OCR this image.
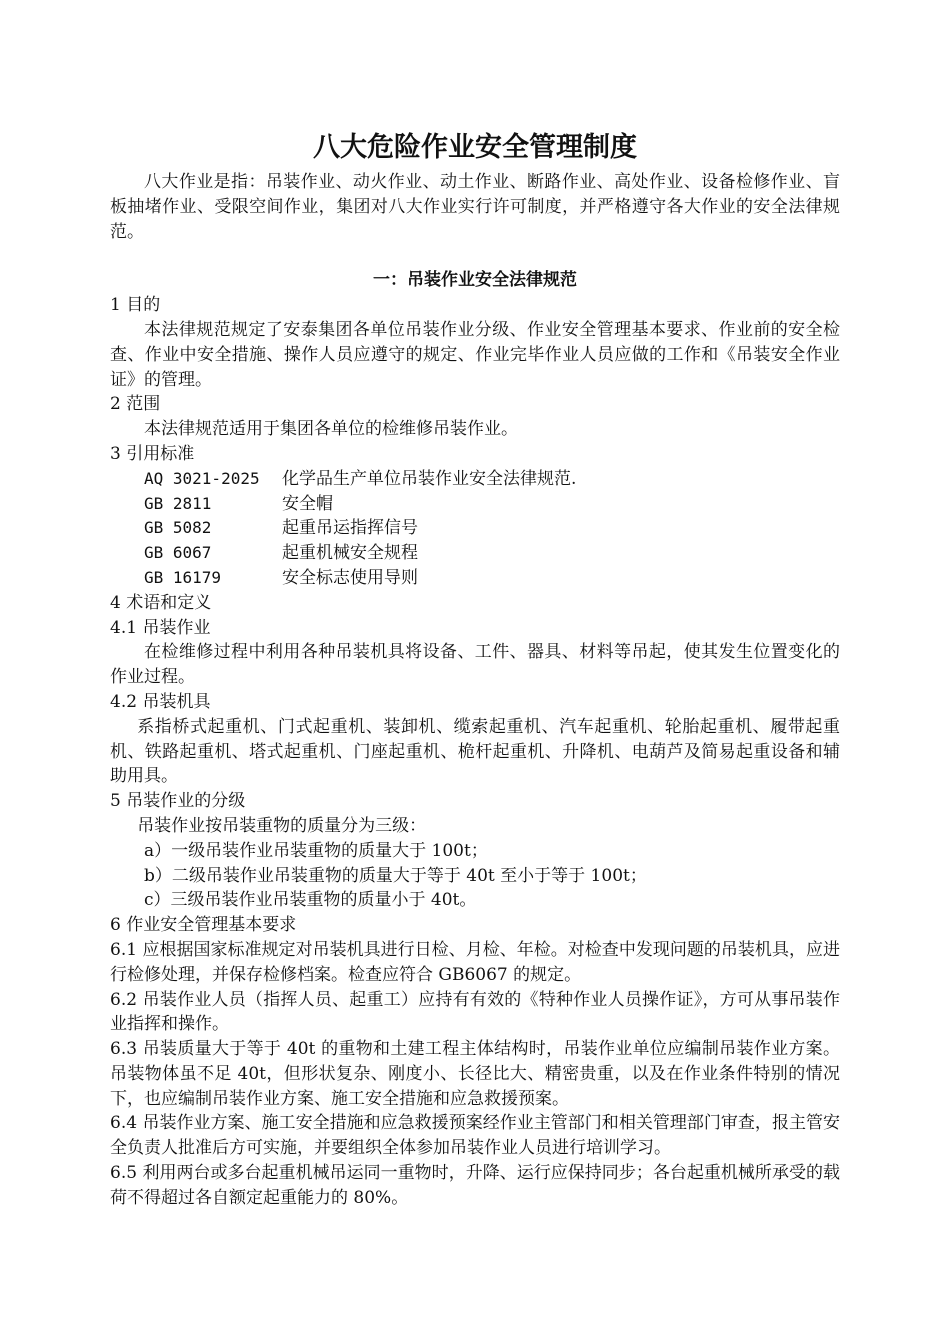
八大危险作业安全管理制度

八大作业是指：吊装作业、动火作业、动土作业、断路作业、高处作业、设备检修作业、盲板抽堵作业、受限空间作业，集团对八大作业实行许可制度，并严格遵守各大作业的安全法律规范。

一：吊装作业安全法律规范
1 目的

本法律规范规定了安泰集团各单位吊装作业分级、作业安全管理基本要求、作业前的安全检查、作业中安全措施、操作人员应遵守的规定、作业完毕作业人员应做的工作和《吊装安全作业证》的管理。

2 范围

本法律规范适用于集团各单位的检维修吊装作业。

3 引用标准
AQ 3021-2025	化学品生产单位吊装作业安全法律规范.
GB 2811	安全帽
GB 5082	起重吊运指挥信号
GB 6067	起重机械安全规程
GB 16179	安全标志使用导则
4 术语和定义
4.1 吊装作业

在检维修过程中利用各种吊装机具将设备、工件、器具、材料等吊起，使其发生位置变化的作业过程。

4.2 吊装机具

系指桥式起重机、门式起重机、装卸机、缆索起重机、汽车起重机、轮胎起重机、履带起重机、铁路起重机、塔式起重机、门座起重机、桅杆起重机、升降机、电葫芦及简易起重设备和辅助用具。

5 吊装作业的分级

吊装作业按吊装重物的质量分为三级：

a）一级吊装作业吊装重物的质量大于 100t；
b）二级吊装作业吊装重物的质量大于等于 40t 至小于等于 100t；
c）三级吊装作业吊装重物的质量小于 40t。
6 作业安全管理基本要求

6.1 应根据国家标准规定对吊装机具进行日检、月检、年检。对检查中发现问题的吊装机具，应进行检修处理，并保存检修档案。检查应符合 GB6067 的规定。

6.2 吊装作业人员（指挥人员、起重工）应持有有效的《特种作业人员操作证》，方可从事吊装作业指挥和操作。

6.3 吊装质量大于等于 40t 的重物和土建工程主体结构时，吊装作业单位应编制吊装作业方案。吊装物体虽不足 40t，但形状复杂、刚度小、长径比大、精密贵重，以及在作业条件特别的情况下，也应编制吊装作业方案、施工安全措施和应急救援预案。

6.4 吊装作业方案、施工安全措施和应急救援预案经作业主管部门和相关管理部门审查，报主管安全负责人批准后方可实施，并要组织全体参加吊装作业人员进行培训学习。

6.5 利用两台或多台起重机械吊运同一重物时，升降、运行应保持同步；各台起重机械所承受的载荷不得超过各自额定起重能力的 80%。
